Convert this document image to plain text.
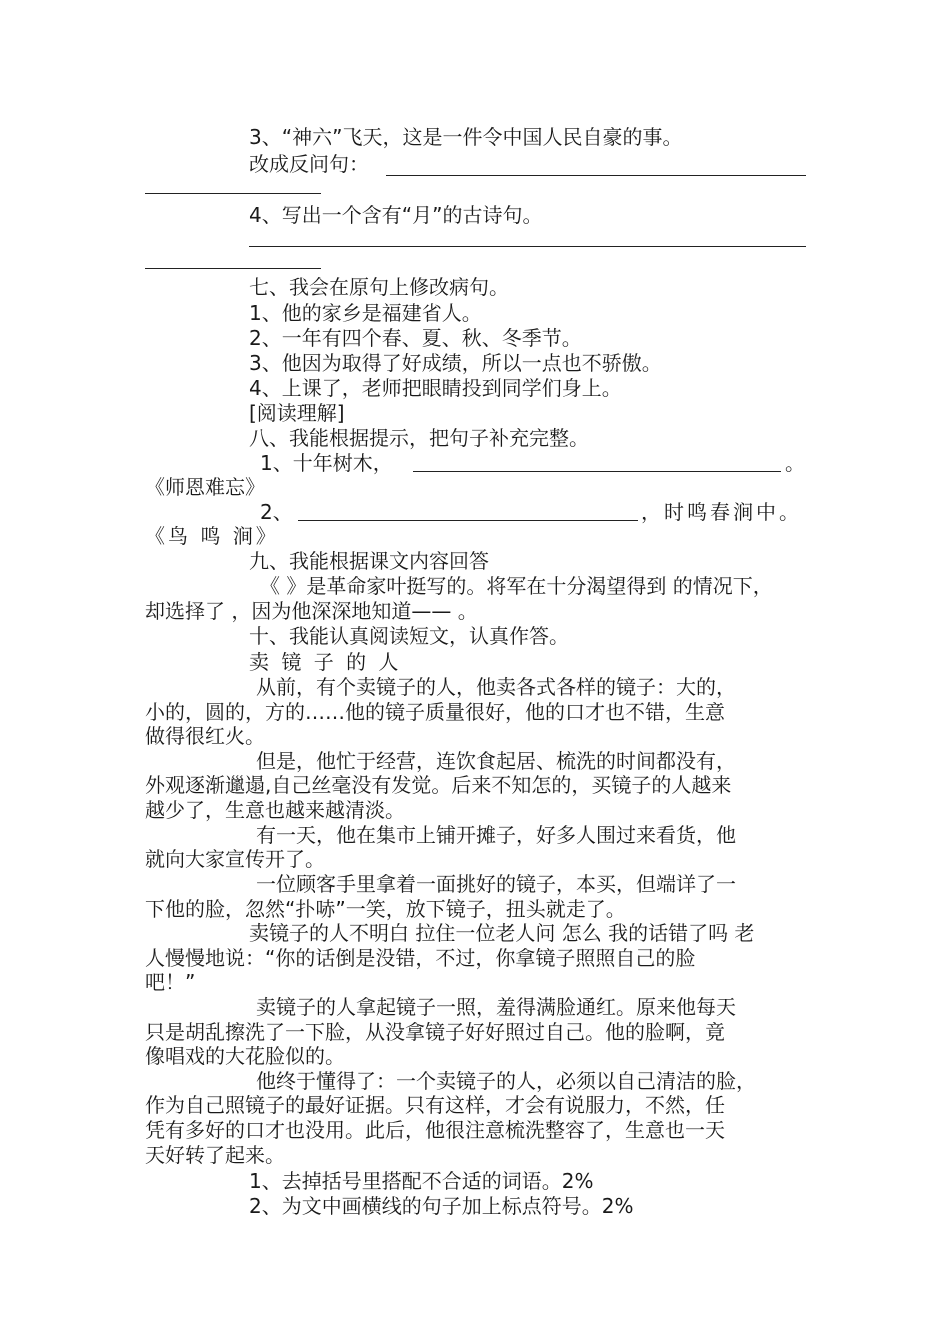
3、“神六”飞天，这是一件令中国人民自豪的事。
改成反问句：
4、写出一个含有“月”的古诗句。
七、我会在原句上修改病句。
1、他的家乡是福建省人。
2、一年有四个春、夏、秋、冬季节。
3、他因为取得了好成绩，所以一点也不骄傲。
4、上课了，老师把眼睛投到同学们身上。
[阅读理解]
八、我能根据提示，把句子补充完整。
1、十年树木，	。
《师恩难忘》
2、	，时鸣春涧中。
《鸟 鸣 涧》
九、我能根据课文内容回答
《 》是革命家叶挺写的。将军在十分渴望得到 的情况下，
却选择了 ，因为他深深地知道—— 。
十、我能认真阅读短文，认真作答。
卖 镜 子 的 人
从前，有个卖镜子的人，他卖各式各样的镜子：大的，
小的，圆的，方的……他的镜子质量很好，他的口才也不错，生意
做得很红火。
但是，他忙于经营，连饮食起居、梳洗的时间都没有，
外观逐渐邋遢,自己丝毫没有发觉。后来不知怎的，买镜子的人越来
越少了，生意也越来越清淡。
有一天，他在集市上铺开摊子，好多人围过来看货，他
就向大家宣传开了。
一位顾客手里拿着一面挑好的镜子，本买，但端详了一
下他的脸，忽然“扑哧”一笑，放下镜子，扭头就走了。
卖镜子的人不明白 拉住一位老人问 怎么 我的话错了吗 老
人慢慢地说：“你的话倒是没错，不过，你拿镜子照照自己的脸
吧！”
卖镜子的人拿起镜子一照，羞得满脸通红。原来他每天
只是胡乱擦洗了一下脸，从没拿镜子好好照过自己。他的脸啊，竟
像唱戏的大花脸似的。
他终于懂得了：一个卖镜子的人，必须以自己清洁的脸，
作为自己照镜子的最好证据。只有这样，才会有说服力，不然，任
凭有多好的口才也没用。此后，他很注意梳洗整容了，生意也一天
天好转了起来。
1、去掉括号里搭配不合适的词语。2%
2、为文中画横线的句子加上标点符号。2%
